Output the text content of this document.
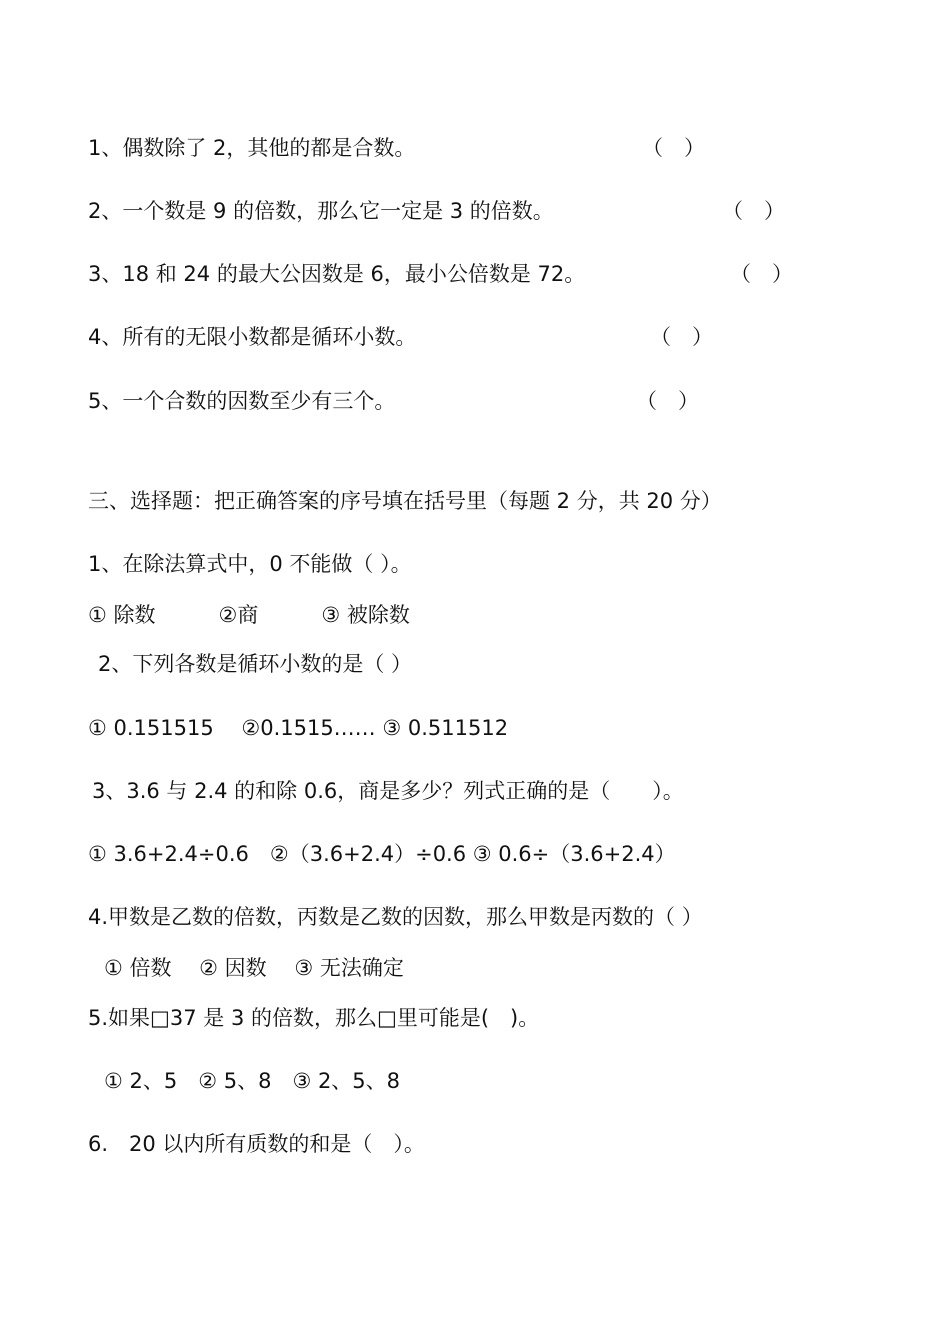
1、偶数除了 2，其他的都是合数。	（　）
2、一个数是 9 的倍数，那么它一定是 3 的倍数。	（　）
3、18 和 24 的最大公因数是 6，最小公倍数是 72。	（　）
4、所有的无限小数都是循环小数。	（　）
5、一个合数的因数至少有三个。	（　）
三、选择题：把正确答案的序号填在括号里（每题 2 分，共 20 分）
1、在除法算式中，0 不能做（ ）。
① 除数　　　②商　　　③ 被除数
2、下列各数是循环小数的是（ ）
① 0.151515　 ②0.1515…… ③ 0.511512
3、3.6 与 2.4 的和除 0.6，商是多少？列式正确的是（　　）。
① 3.6+2.4÷0.6　②（3.6+2.4）÷0.6 ③ 0.6÷（3.6+2.4）
4.甲数是乙数的倍数，丙数是乙数的因数，那么甲数是丙数的（ ）
① 倍数　 ② 因数　 ③ 无法确定
5.如果□37 是 3 的倍数，那么□里可能是(　)。
① 2、5　② 5、8　③ 2、5、8
6.　20 以内所有质数的和是（　）。
